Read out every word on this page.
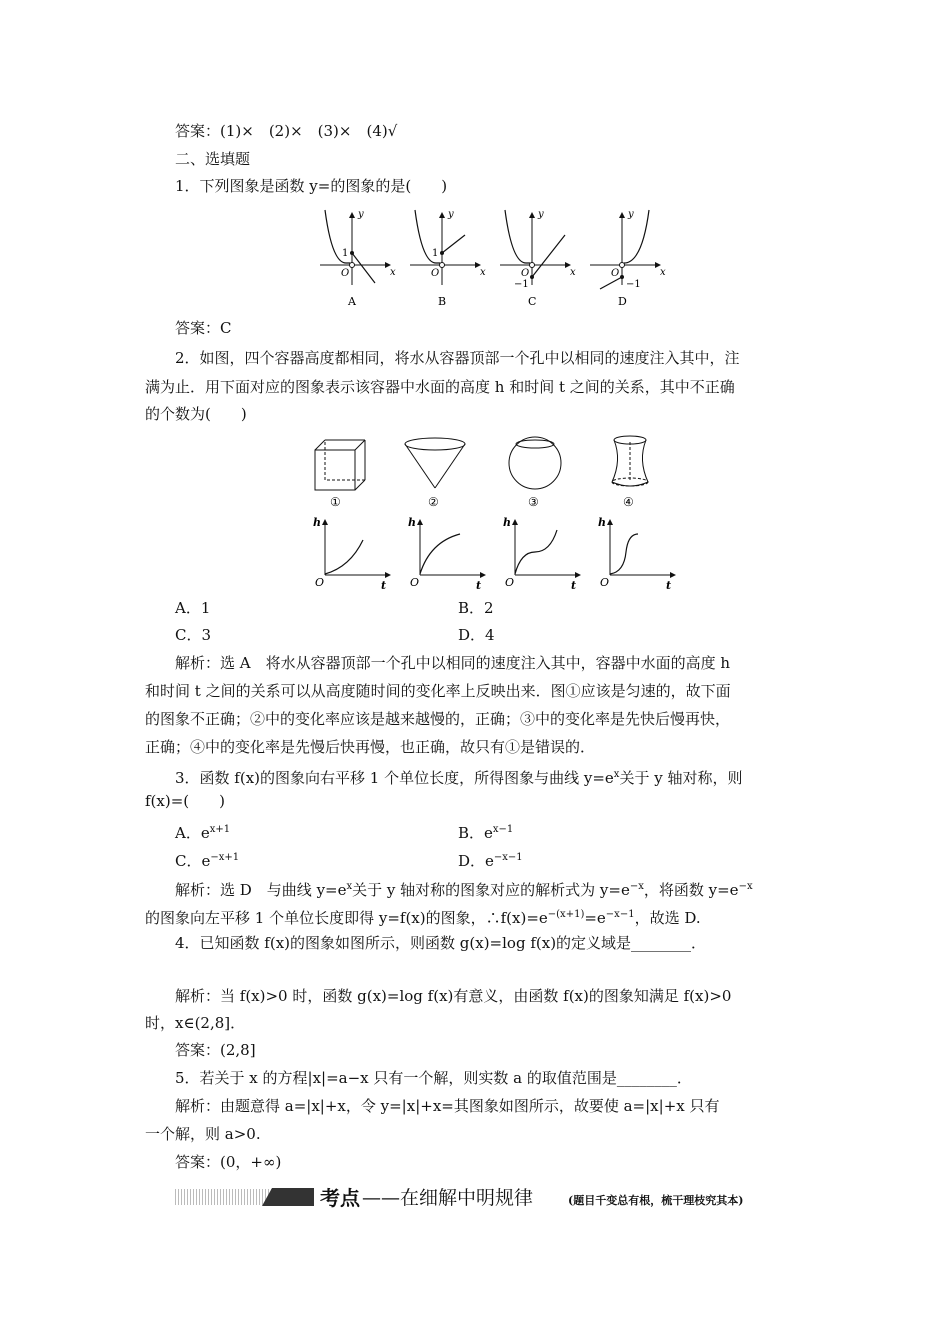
答案：(1)×　(2)×　(3)×　(4)√
二、选填题
1．下列图象是函数 y=的图象的是(　　)
y
x
O
1
A
y
x
O
1
B
y
x
O
−1
C
y
x
O
−1
D
答案：C
2．如图，四个容器高度都相同，将水从容器顶部一个孔中以相同的速度注入其中，注
满为止．用下面对应的图象表示该容器中水面的高度 h 和时间 t 之间的关系，其中不正确
的个数为(　　)
①	②	③	④
h
t
O
h
t
O
h
t
O
h
t
O
A．1	B．2
C．3	D．4
解析：选 A　将水从容器顶部一个孔中以相同的速度注入其中，容器中水面的高度 h
和时间 t 之间的关系可以从高度随时间的变化率上反映出来．图①应该是匀速的，故下面
的图象不正确；②中的变化率应该是越来越慢的，正确；③中的变化率是先快后慢再快，
正确；④中的变化率是先慢后快再慢，也正确，故只有①是错误的．
3．函数 f(x)的图象向右平移 1 个单位长度，所得图象与曲线 $y=e^x$关于 y 轴对称，则
f(x)=(　　)
A．$e^{x+1}$	B．$e^{x-1}$
C．$e^{-x+1}$	D．$e^{-x-1}$
解析：选 D　与曲线 $y=e^x$关于 y 轴对称的图象对应的解析式为 $y=e^{-x}$，将函数 $y=e^{-x}$
的图象向左平移 1 个单位长度即得 y=f(x)的图象，$\therefore f(x)=e^{-(x+1)}=e^{-x-1}$，故选 D.
4．已知函数 f(x)的图象如图所示，则函数 g(x)=log f(x)的定义域是________．
解析：当 f(x)>0 时，函数 g(x)=log f(x)有意义，由函数 f(x)的图象知满足 f(x)>0
时，x∈(2,8]．
答案：(2,8]
5．若关于 x 的方程|x|=a−x 只有一个解，则实数 a 的取值范围是________．
解析：由题意得 a=|x|+x，令 y=|x|+x=其图象如图所示，故要使 a=|x|+x 只有
一个解，则 a>0.
答案：(0，+∞)
考点 ——在细解中明规律	(题目千变总有根，梳干理枝究其本)
